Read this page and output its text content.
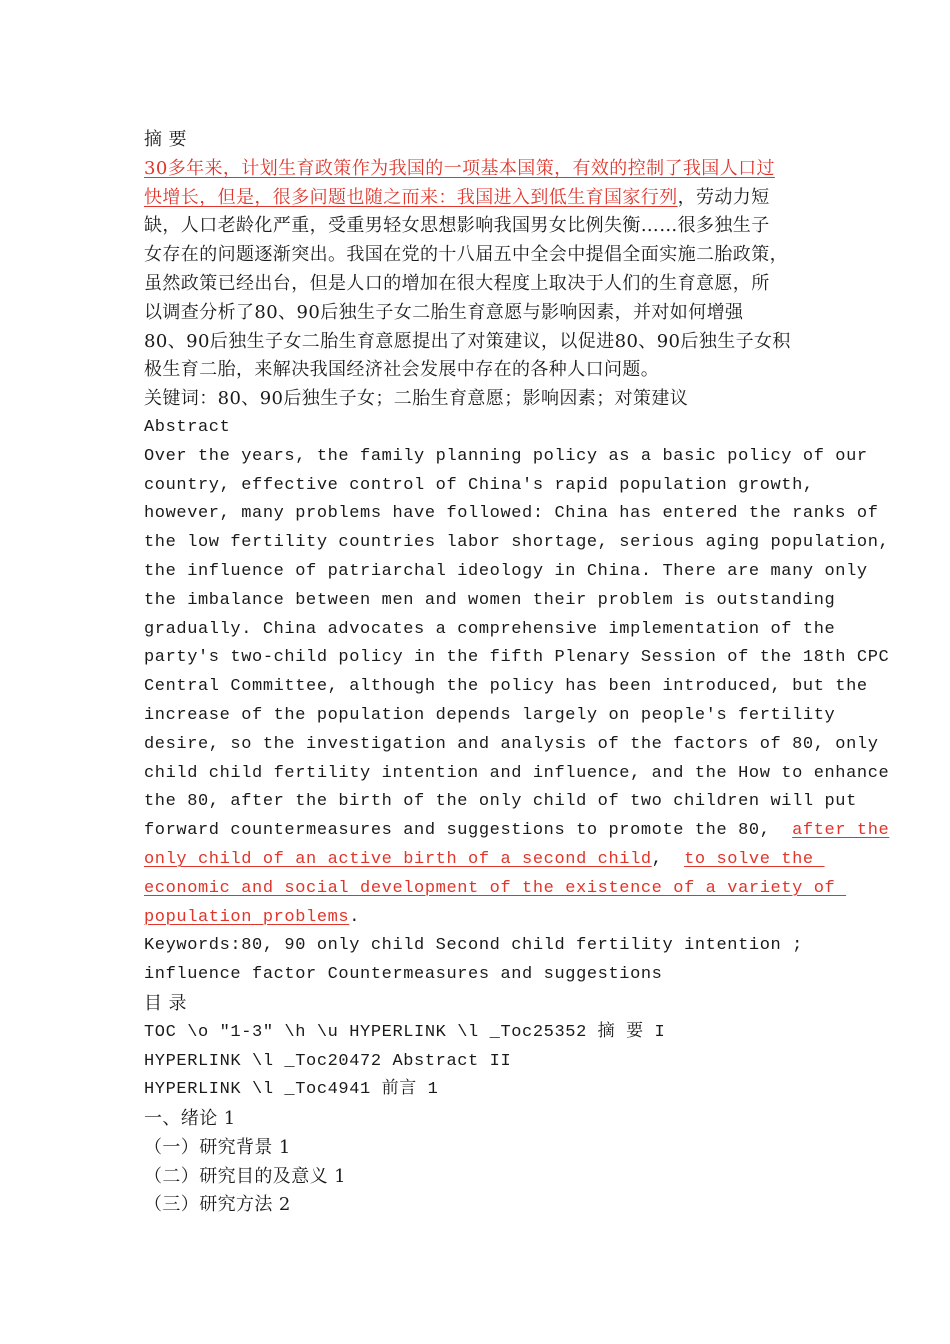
摘 要
30多年来，计划生育政策作为我国的一项基本国策，有效的控制了我国人口过
快增长，但是，很多问题也随之而来：我国进入到低生育国家行列，劳动力短
缺，人口老龄化严重，受重男轻女思想影响我国男女比例失衡……很多独生子
女存在的问题逐渐突出。我国在党的十八届五中全会中提倡全面实施二胎政策，
虽然政策已经出台，但是人口的增加在很大程度上取决于人们的生育意愿，所
以调查分析了80、90后独生子女二胎生育意愿与影响因素，并对如何增强
80、90后独生子女二胎生育意愿提出了对策建议，以促进80、90后独生子女积
极生育二胎，来解决我国经济社会发展中存在的各种人口问题。
关键词：80、90后独生子女；二胎生育意愿；影响因素；对策建议
Abstract
Over the years, the family planning policy as a basic policy of our
country, effective control of China's rapid population growth,
however, many problems have followed: China has entered the ranks of
the low fertility countries labor shortage, serious aging population,
the influence of patriarchal ideology in China. There are many only
the imbalance between men and women their problem is outstanding
gradually. China advocates a comprehensive implementation of the
party's two-child policy in the fifth Plenary Session of the 18th CPC
Central Committee, although the policy has been introduced, but the
increase of the population depends largely on people's fertility
desire, so the investigation and analysis of the factors of 80, only
child child fertility intention and influence, and the How to enhance
the 80, after the birth of the only child of two children will put
forward countermeasures and suggestions to promote the 80,  after the
only child of an active birth of a second child,  to solve the
economic and social development of the existence of a variety of
population problems.
Keywords:80, 90 only child Second child fertility intention ;
influence factor Countermeasures and suggestions
目 录
TOC \o "1-3" \h \u HYPERLINK \l _Toc25352 摘 要 I
HYPERLINK \l _Toc20472 Abstract II
HYPERLINK \l _Toc4941 前言 1
一、绪论 1
（一）研究背景 1
（二）研究目的及意义 1
（三）研究方法 2
